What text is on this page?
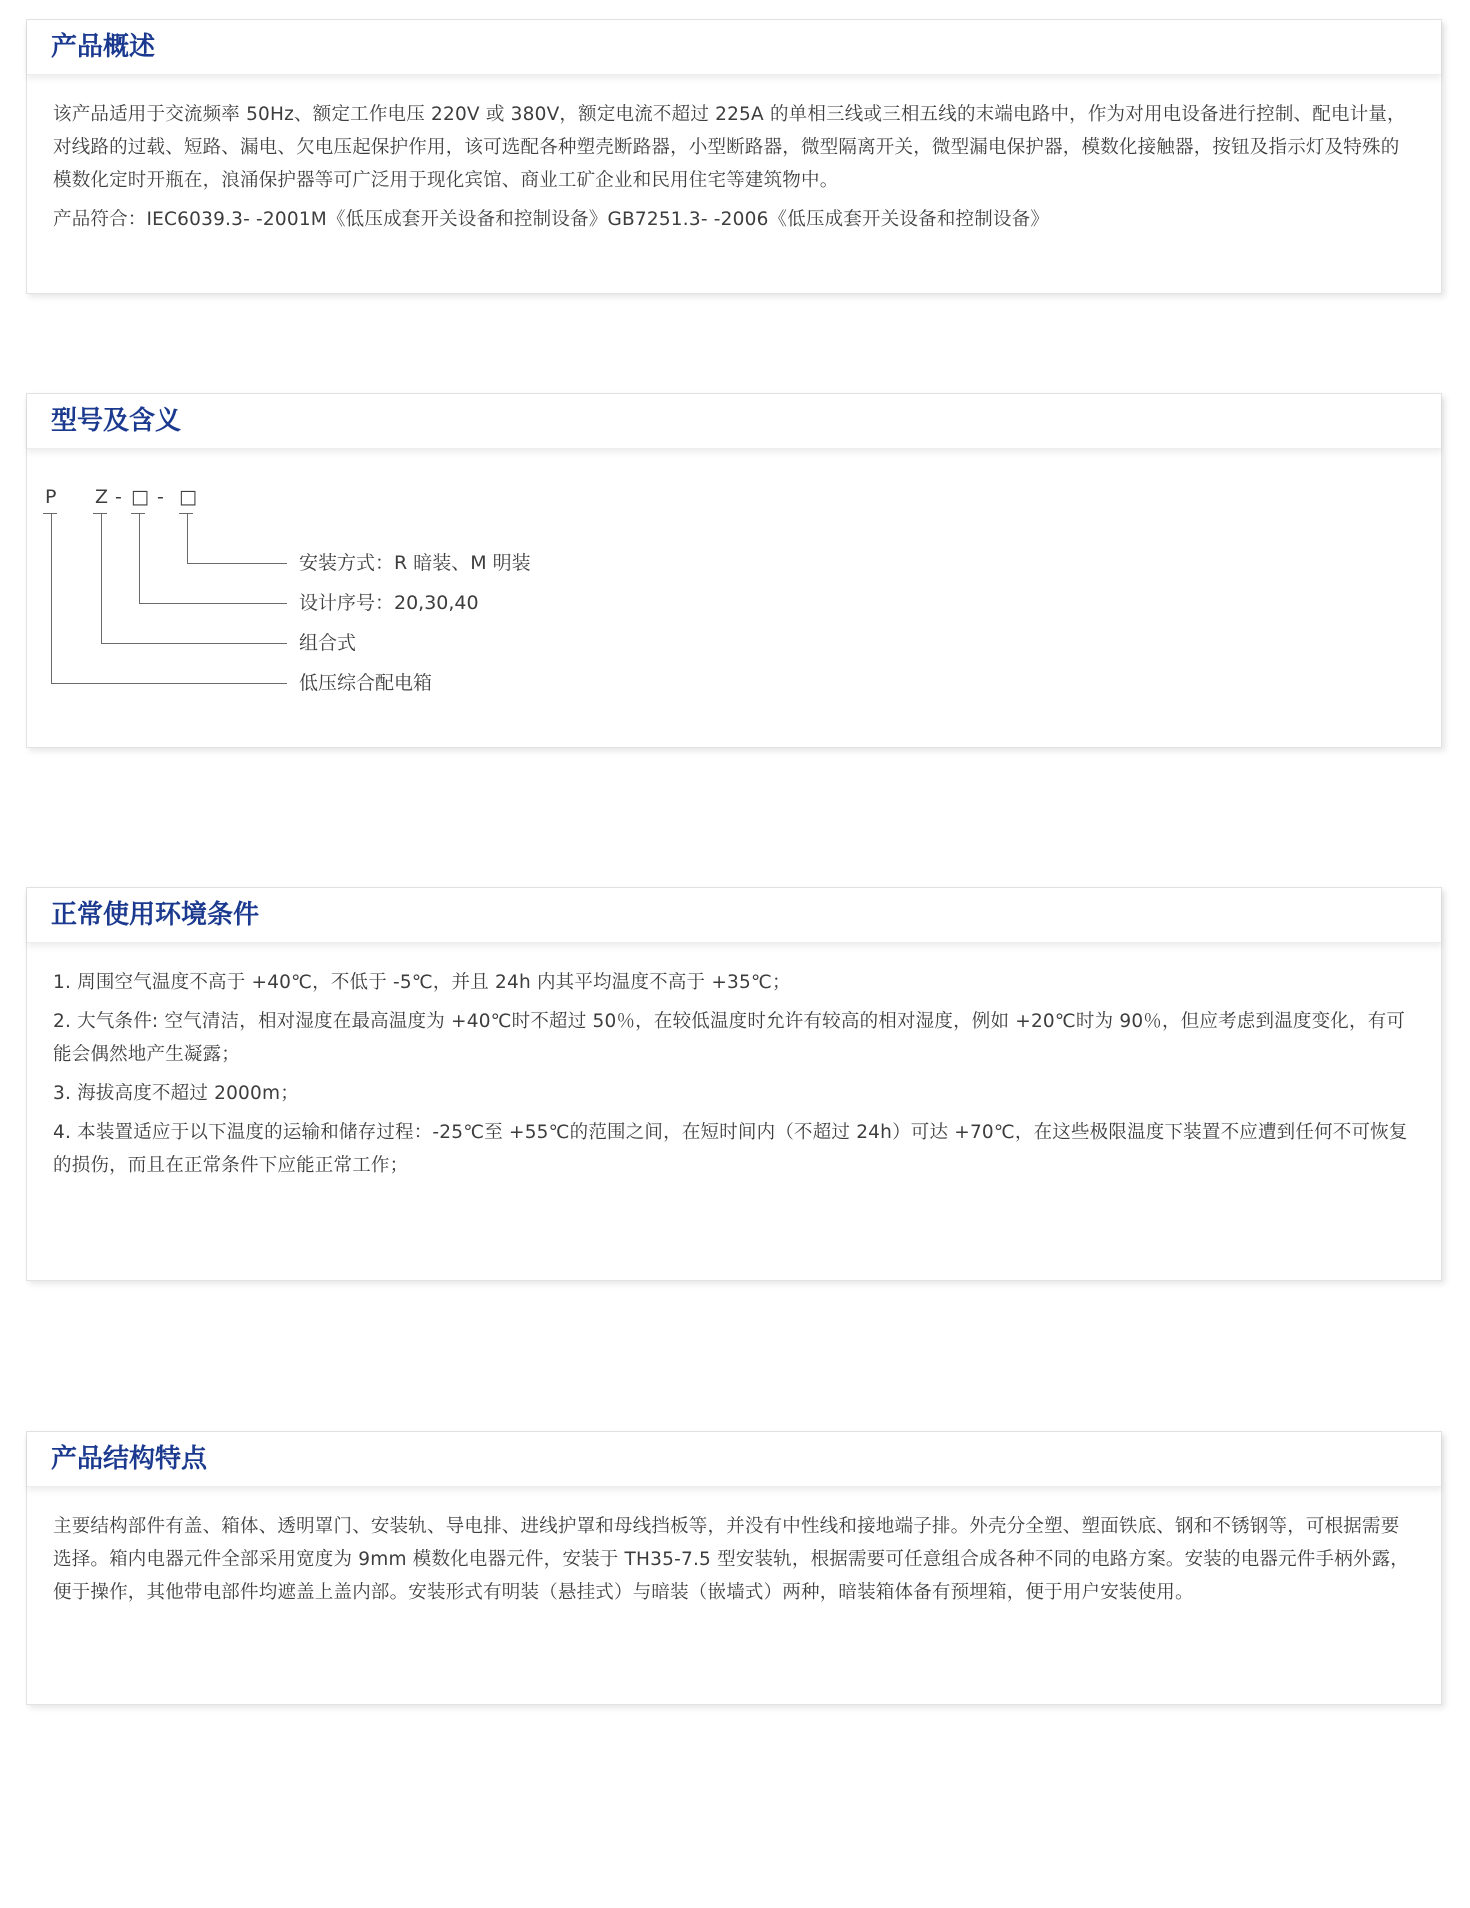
产品概述

该产品适用于交流频率 50Hz、额定工作电压 220V 或 380V，额定电流不超过 225A 的单相三线或三相五线的末端电路中，作为对用电设备进行控制、配电计量，对线路的过载、短路、漏电、欠电压起保护作用，该可选配各种塑壳断路器，小型断路器，微型隔离开关，微型漏电保护器，模数化接触器，按钮及指示灯及特殊的模数化定时开瓶在，浪涌保护器等可广泛用于现化宾馆、商业工矿企业和民用住宅等建筑物中。

产品符合：IEC6039.3- -2001M《低压成套开关设备和控制设备》GB7251.3- -2006《低压成套开关设备和控制设备》

型号及含义
P Z - □ - □
安装方式：R 暗装、M 明装
设计序号：20,30,40
组合式
低压综合配电箱
正常使用环境条件

1. 周围空气温度不高于 +40℃，不低于 -5℃，并且 24h 内其平均温度不高于 +35℃；

2. 大气条件: 空气清洁，相对湿度在最高温度为 +40℃时不超过 50％，在较低温度时允许有较高的相对湿度，例如 +20℃时为 90％，但应考虑到温度变化，有可能会偶然地产生凝露；

3. 海拔高度不超过 2000m；

4. 本装置适应于以下温度的运输和储存过程：-25℃至 +55℃的范围之间，在短时间内（不超过 24h）可达 +70℃，在这些极限温度下装置不应遭到任何不可恢复的损伤，而且在正常条件下应能正常工作；

产品结构特点

主要结构部件有盖、箱体、透明罩门、安装轨、导电排、进线护罩和母线挡板等，并没有中性线和接地端子排。外壳分全塑、塑面铁底、钢和不锈钢等，可根据需要选择。箱内电器元件全部采用宽度为 9mm 模数化电器元件，安装于 TH35-7.5 型安装轨，根据需要可任意组合成各种不同的电路方案。安装的电器元件手柄外露，便于操作，其他带电部件均遮盖上盖内部。安装形式有明装（悬挂式）与暗装（嵌墙式）两种，暗装箱体备有预埋箱，便于用户安装使用。
